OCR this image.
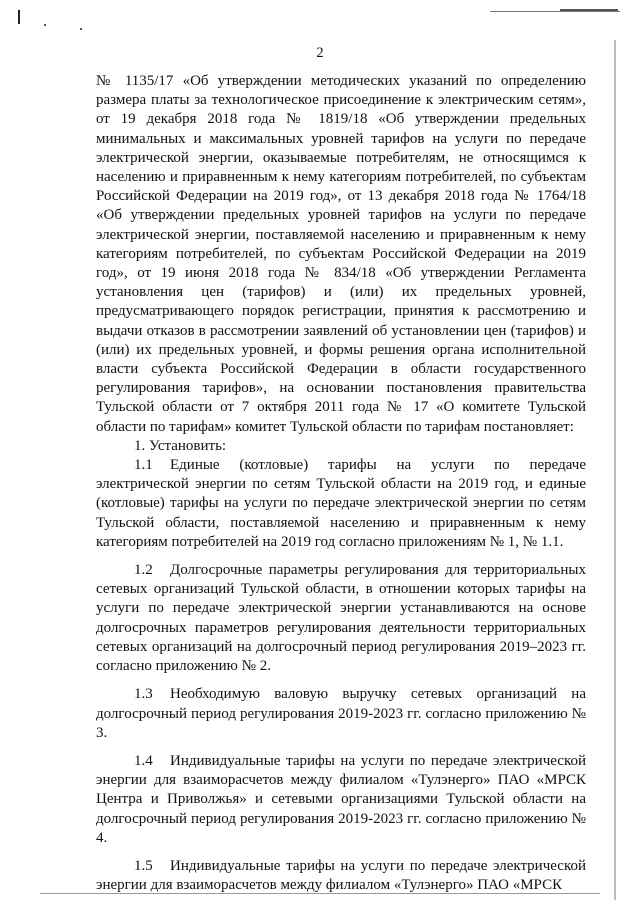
2

№ 1135/17 «Об утверждении методических указаний по определению размера платы за технологическое присоединение к электрическим сетям», от 19 декабря 2018 года № 1819/18 «Об утверждении предельных минимальных и максимальных уровней тарифов на услуги по передаче электрической энергии, оказываемые потребителям, не относящимся к населению и приравненным к нему категориям потребителей, по субъектам Российской Федерации на 2019 год», от 13 декабря 2018 года № 1764/18 «Об утверждении предельных уровней тарифов на услуги по передаче электрической энергии, поставляемой населению и приравненным к нему категориям потребителей, по субъектам Российской Федерации на 2019 год», от 19 июня 2018 года № 834/18 «Об утверждении Регламента установления цен (тарифов) и (или) их предельных уровней, предусматривающего порядок регистрации, принятия к рассмотрению и выдачи отказов в рассмотрении заявлений об установлении цен (тарифов) и (или) их предельных уровней, и формы решения органа исполнительной власти субъекта Российской Федерации в области государственного регулирования тарифов», на основании постановления правительства Тульской области от 7 октября 2011 года № 17 «О комитете Тульской области по тарифам» комитет Тульской области по тарифам постановляет:

1. Установить:

1.1 Единые (котловые) тарифы на услуги по передаче электрической энергии по сетям Тульской области на 2019 год, и единые (котловые) тарифы на услуги по передаче электрической энергии по сетям Тульской области, поставляемой населению и приравненным к нему категориям потребителей на 2019 год согласно приложениям № 1, № 1.1.

1.2 Долгосрочные параметры регулирования для территориальных сетевых организаций Тульской области, в отношении которых тарифы на услуги по передаче электрической энергии устанавливаются на основе долгосрочных параметров регулирования деятельности территориальных сетевых организаций на долгосрочный период регулирования 2019–2023 гг. согласно приложению № 2.

1.3 Необходимую валовую выручку сетевых организаций на долгосрочный период регулирования 2019-2023 гг. согласно приложению № 3.

1.4 Индивидуальные тарифы на услуги по передаче электрической энергии для взаиморасчетов между филиалом «Тулэнерго» ПАО «МРСК Центра и Приволжья» и сетевыми организациями Тульской области на долгосрочный период регулирования 2019-2023 гг. согласно приложению № 4.

1.5 Индивидуальные тарифы на услуги по передаче электрической энергии для взаиморасчетов между филиалом «Тулэнерго» ПАО «МРСК
